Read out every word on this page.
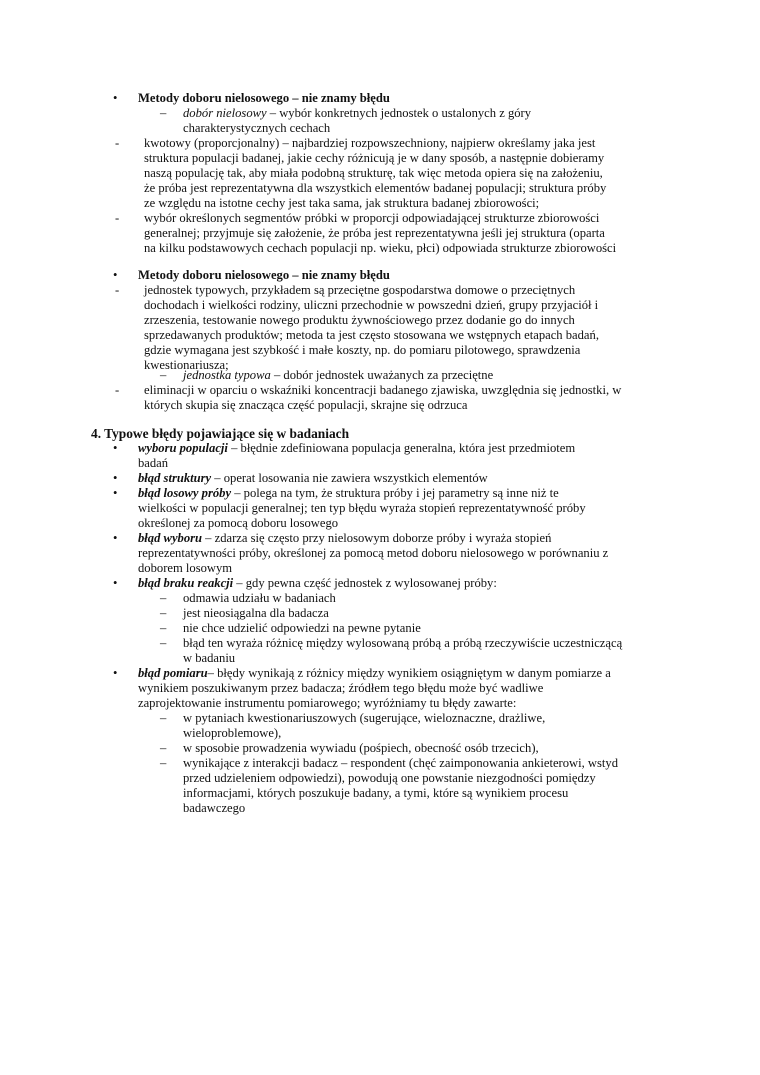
• Metody doboru nielosowego – nie znamy błędu
– dobór nielosowy – wybór konkretnych jednostek o ustalonych z góry
charakterystycznych cechach
- kwotowy (proporcjonalny) – najbardziej rozpowszechniony, najpierw określamy jaka jest
struktura populacji badanej, jakie cechy różnicują je w dany sposób, a następnie dobieramy
naszą populację tak, aby miała podobną strukturę, tak więc metoda opiera się na założeniu,
że próba jest reprezentatywna dla wszystkich elementów badanej populacji; struktura próby
ze względu na istotne cechy jest taka sama, jak struktura badanej zbiorowości;
- wybór określonych segmentów próbki w proporcji odpowiadającej strukturze zbiorowości
generalnej; przyjmuje się założenie, że próba jest reprezentatywna jeśli jej struktura (oparta
na kilku podstawowych cechach populacji np. wieku, płci) odpowiada strukturze zbiorowości
• Metody doboru nielosowego – nie znamy błędu
- jednostek typowych, przykładem są przeciętne gospodarstwa domowe o przeciętnych
dochodach i wielkości rodziny, uliczni przechodnie w powszedni dzień, grupy przyjaciół i
zrzeszenia, testowanie nowego produktu żywnościowego przez dodanie go do innych
sprzedawanych produktów; metoda ta jest często stosowana we wstępnych etapach badań,
gdzie wymagana jest szybkość i małe koszty, np. do pomiaru pilotowego, sprawdzenia
kwestionariusza;
– jednostka typowa – dobór jednostek uważanych za przeciętne
- eliminacji w oparciu o wskaźniki koncentracji badanego zjawiska, uwzględnia się jednostki, w
których skupia się znacząca część populacji, skrajne się odrzuca
4. Typowe błędy pojawiające się w badaniach
• wyboru populacji – błędnie zdefiniowana populacja generalna, która jest przedmiotem
badań
• błąd struktury – operat losowania nie zawiera wszystkich elementów
• błąd losowy próby – polega na tym, że struktura próby i jej parametry są inne niż te
wielkości w populacji generalnej; ten typ błędu wyraża stopień reprezentatywność próby
określonej za pomocą doboru losowego
• błąd wyboru – zdarza się często przy nielosowym doborze próby i wyraża stopień
reprezentatywności próby, określonej za pomocą metod doboru nielosowego w porównaniu z
doborem losowym
• błąd braku reakcji – gdy pewna część jednostek z wylosowanej próby:
– odmawia udziału w badaniach
– jest nieosiągalna dla badacza
– nie chce udzielić odpowiedzi na pewne pytanie
– błąd ten wyraża różnicę między wylosowaną próbą a próbą rzeczywiście uczestniczącą
w badaniu
• błąd pomiaru– błędy wynikają z różnicy między wynikiem osiągniętym w danym pomiarze a
wynikiem poszukiwanym przez badacza; źródłem tego błędu może być wadliwe
zaprojektowanie instrumentu pomiarowego; wyróżniamy tu błędy zawarte:
– w pytaniach kwestionariuszowych (sugerujące, wieloznaczne, drażliwe,
wieloproblemowe),
– w sposobie prowadzenia wywiadu (pośpiech, obecność osób trzecich),
– wynikające z interakcji badacz – respondent (chęć zaimponowania ankieterowi, wstyd
przed udzieleniem odpowiedzi), powodują one powstanie niezgodności pomiędzy
informacjami, których poszukuje badany, a tymi, które są wynikiem procesu
badawczego
